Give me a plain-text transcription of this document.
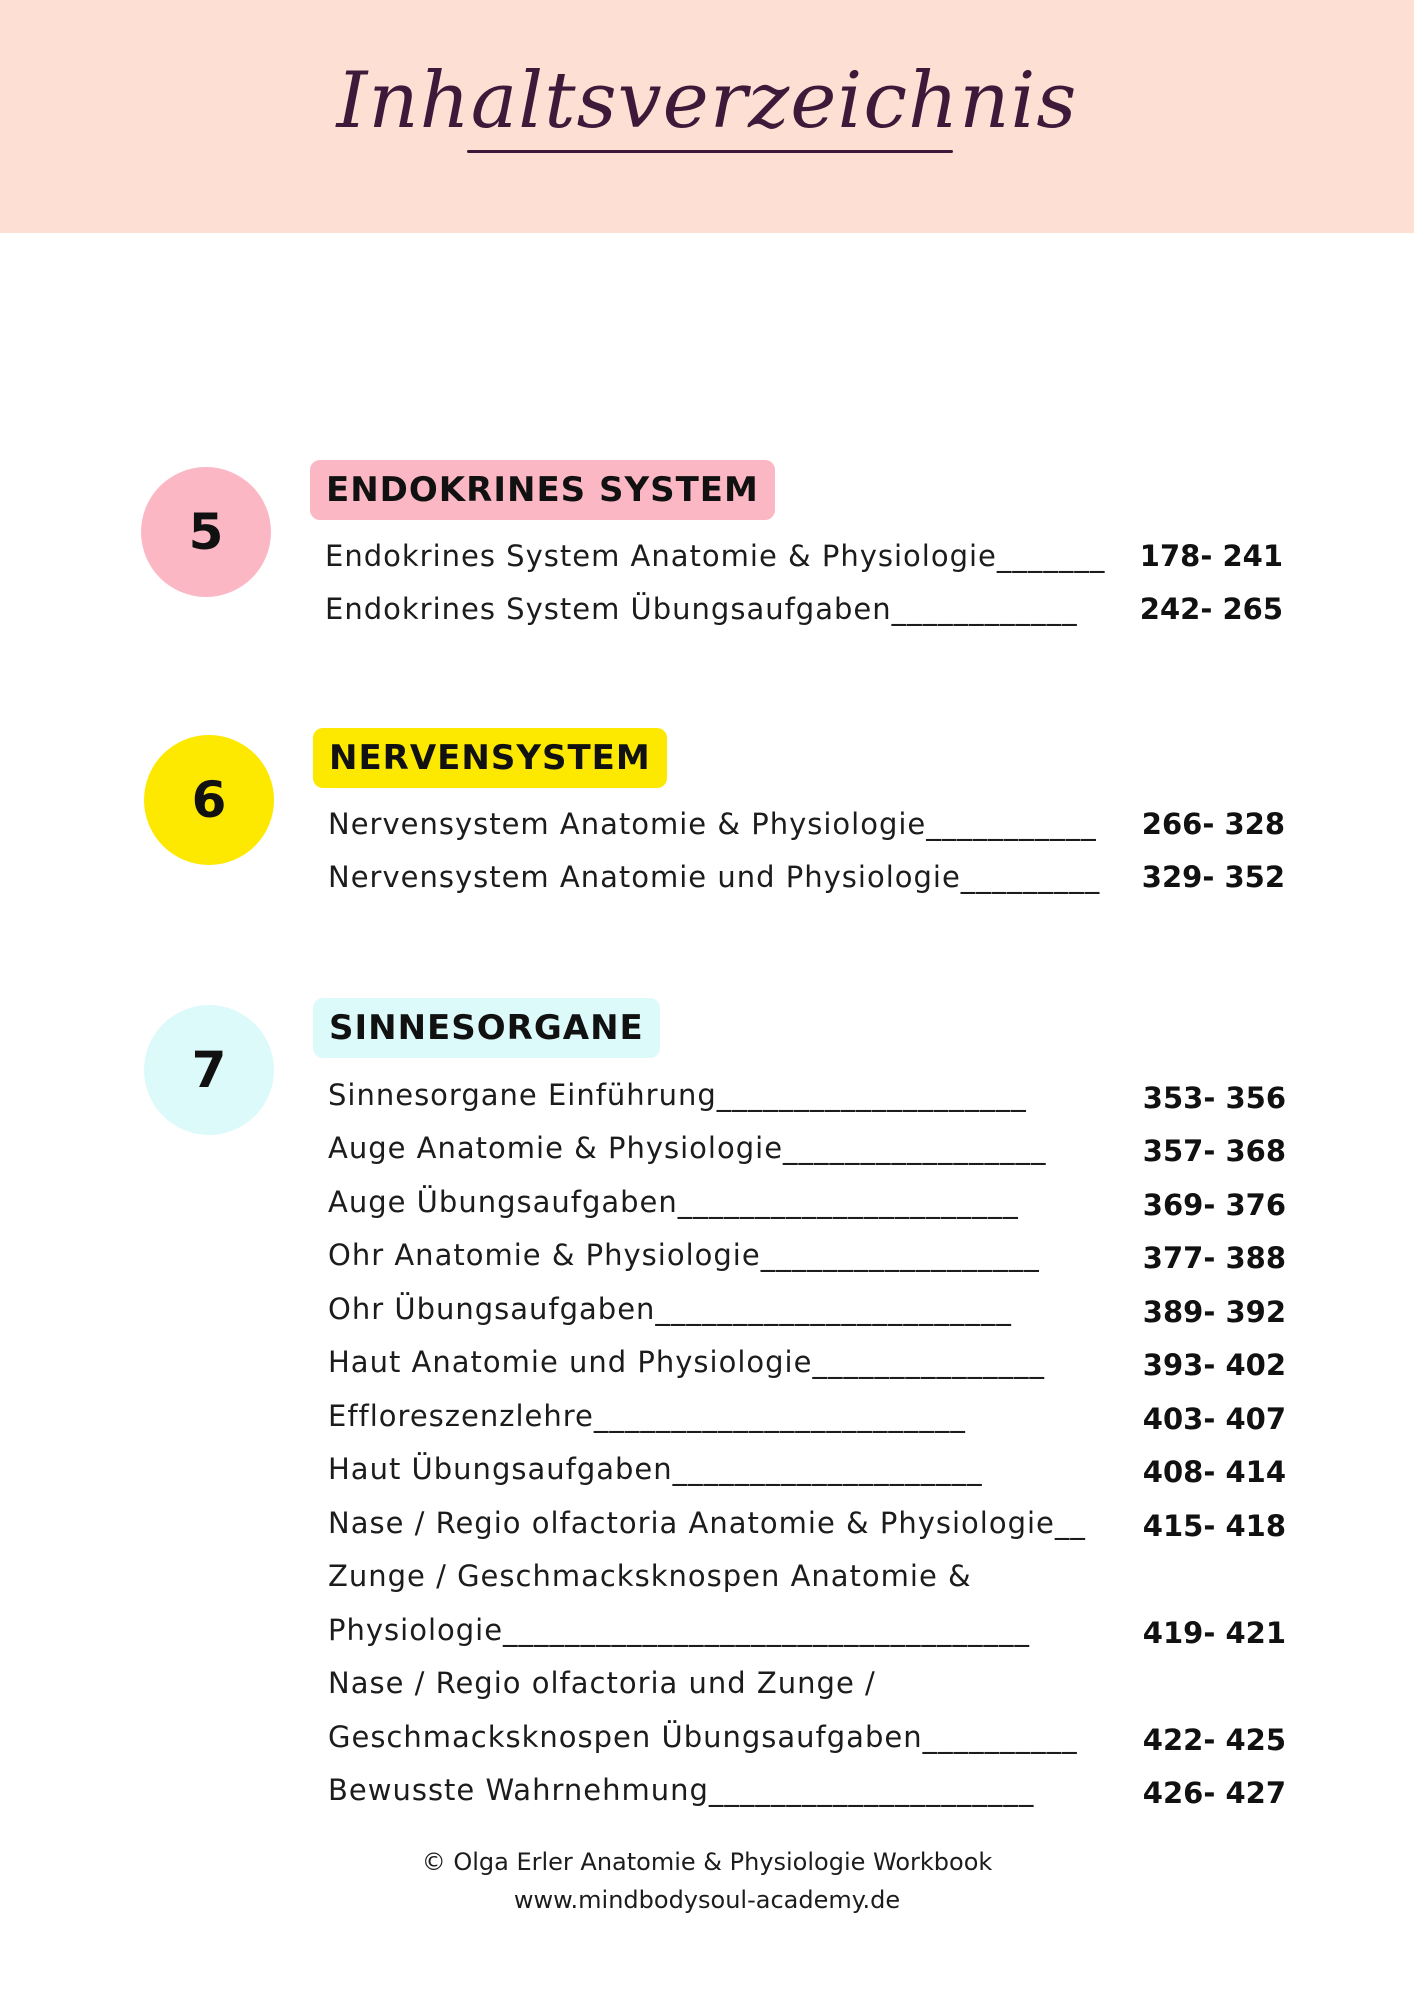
Inhaltsverzeichnis
5
ENDOKRINES SYSTEM
Endokrines System Anatomie & Physiologie_______ 178- 241
Endokrines System Übungsaufgaben____________ 242- 265
6
NERVENSYSTEM
Nervensystem Anatomie & Physiologie___________ 266- 328
Nervensystem Anatomie und Physiologie_________ 329- 352
7
SINNESORGANE
Sinnesorgane Einführung____________________	353- 356
Auge Anatomie & Physiologie_________________	357- 368
Auge Übungsaufgaben______________________	369- 376
Ohr Anatomie & Physiologie__________________	377- 388
Ohr Übungsaufgaben_______________________	389- 392
Haut Anatomie und Physiologie_______________	393- 402
Effloreszenzlehre________________________	403- 407
Haut Übungsaufgaben____________________	408- 414
Nase / Regio olfactoria Anatomie & Physiologie__ 415- 418
Zunge / Geschmacksknospen Anatomie &
Physiologie__________________________________	419- 421
Nase / Regio olfactoria und Zunge /
Geschmacksknospen Übungsaufgaben__________ 422- 425
Bewusste Wahrnehmung_____________________	426- 427
© Olga Erler Anatomie & Physiologie Workbook
www.mindbodysoul-academy.de
